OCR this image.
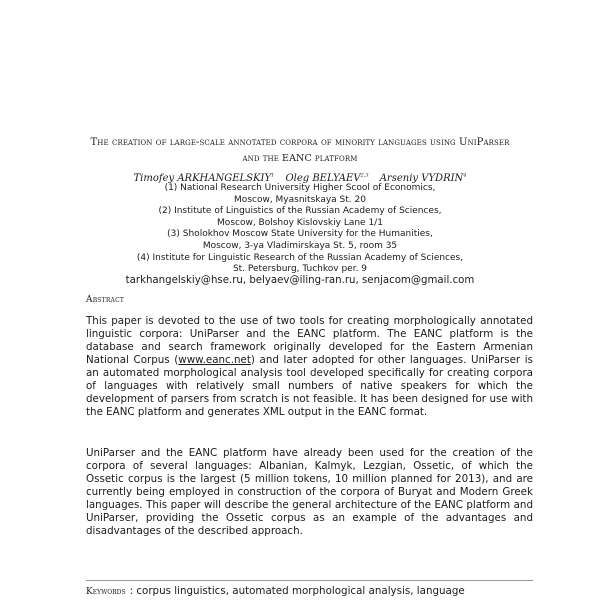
The creation of large-scale annotated corpora of minority languages using UniParser
and the EANC platform
Timofey ARKHANGELSKIY$^1$ Oleg BELYAEV$^{2,3}$ Arseniy VYDRIN$^4$
(1) National Research University Higher Scool of Economics,
Moscow, Myasnitskaya St. 20
(2) Institute of Linguistics of the Russian Academy of Sciences,
Moscow, Bolshoy Kislovskiy Lane 1/1
(3) Sholokhov Moscow State University for the Humanities,
Moscow, 3-ya Vladimirskaya St. 5, room 35
(4) Institute for Linguistic Research of the Russian Academy of Sciences,
St. Petersburg, Tuchkov per. 9
tarkhangelskiy@hse.ru, belyaev@iling-ran.ru, senjacom@gmail.com
Abstract
This paper is devoted to the use of two tools for creating morphologically annotated linguistic corpora: UniParser and the EANC platform. The EANC platform is the database and search framework originally developed for the Eastern Armenian National Corpus (www.eanc.net) and later adopted for other languages. UniParser is an automated morphological analysis tool developed specifically for creating corpora of languages with relatively small numbers of native speakers for which the development of parsers from scratch is not feasible. It has been designed for use with the EANC platform and generates XML output in the EANC format.
UniParser and the EANC platform have already been used for the creation of the corpora of several languages: Albanian, Kalmyk, Lezgian, Ossetic, of which the Ossetic corpus is the largest (5 million tokens, 10 million planned for 2013), and are currently being employed in construction of the corpora of Buryat and Modern Greek languages. This paper will describe the general architecture of the EANC platform and UniParser, providing the Ossetic corpus as an example of the advantages and disadvantages of the described approach.
Keywords : corpus linguistics, automated morphological analysis, language
